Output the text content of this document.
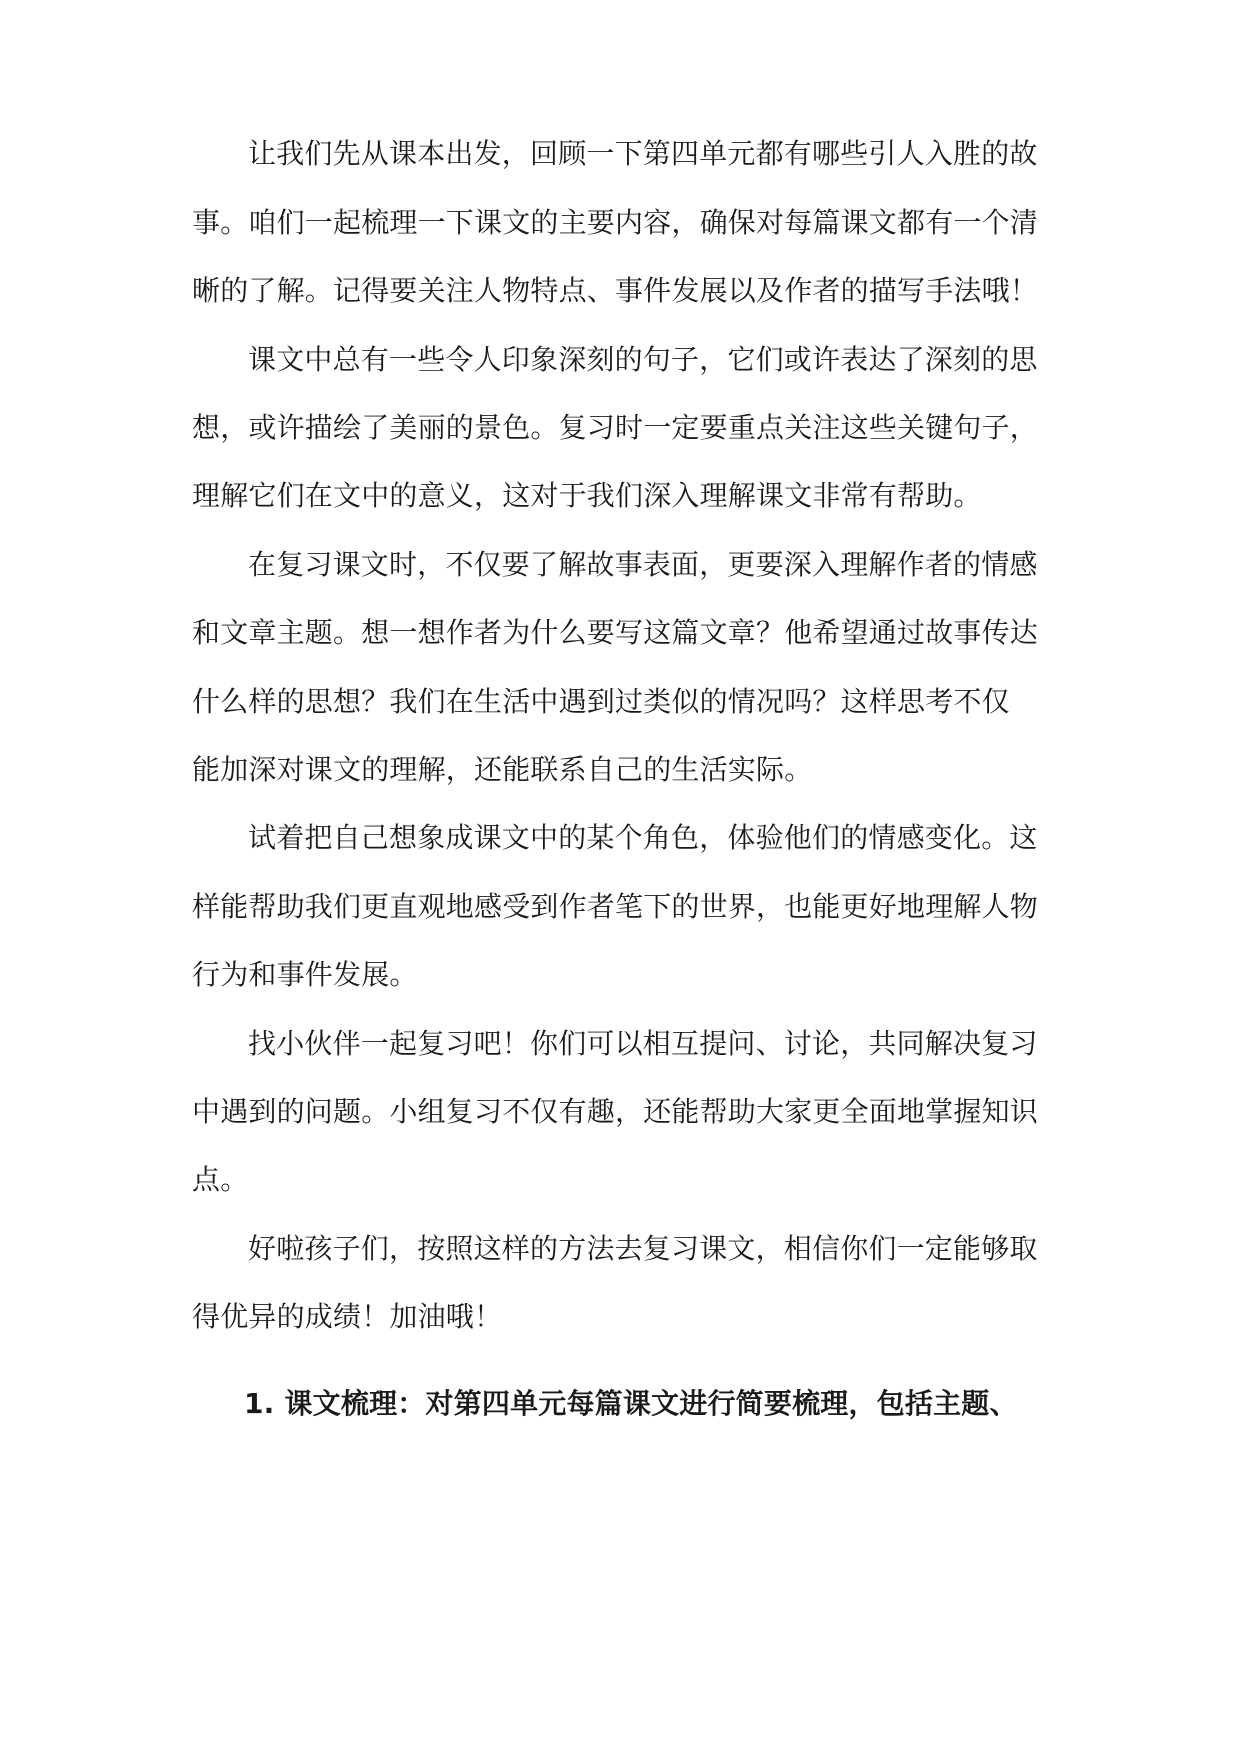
让我们先从课本出发，回顾一下第四单元都有哪些引人入胜的故
事。咱们一起梳理一下课文的主要内容，确保对每篇课文都有一个清
晰的了解。记得要关注人物特点、事件发展以及作者的描写手法哦！
课文中总有一些令人印象深刻的句子，它们或许表达了深刻的思
想，或许描绘了美丽的景色。复习时一定要重点关注这些关键句子，
理解它们在文中的意义，这对于我们深入理解课文非常有帮助。
在复习课文时，不仅要了解故事表面，更要深入理解作者的情感
和文章主题。想一想作者为什么要写这篇文章？他希望通过故事传达
什么样的思想？我们在生活中遇到过类似的情况吗？这样思考不仅
能加深对课文的理解，还能联系自己的生活实际。
试着把自己想象成课文中的某个角色，体验他们的情感变化。这
样能帮助我们更直观地感受到作者笔下的世界，也能更好地理解人物
行为和事件发展。
找小伙伴一起复习吧！你们可以相互提问、讨论，共同解决复习
中遇到的问题。小组复习不仅有趣，还能帮助大家更全面地掌握知识
点。
好啦孩子们，按照这样的方法去复习课文，相信你们一定能够取
得优异的成绩！加油哦！
1. 课文梳理：对第四单元每篇课文进行简要梳理，包括主题、
